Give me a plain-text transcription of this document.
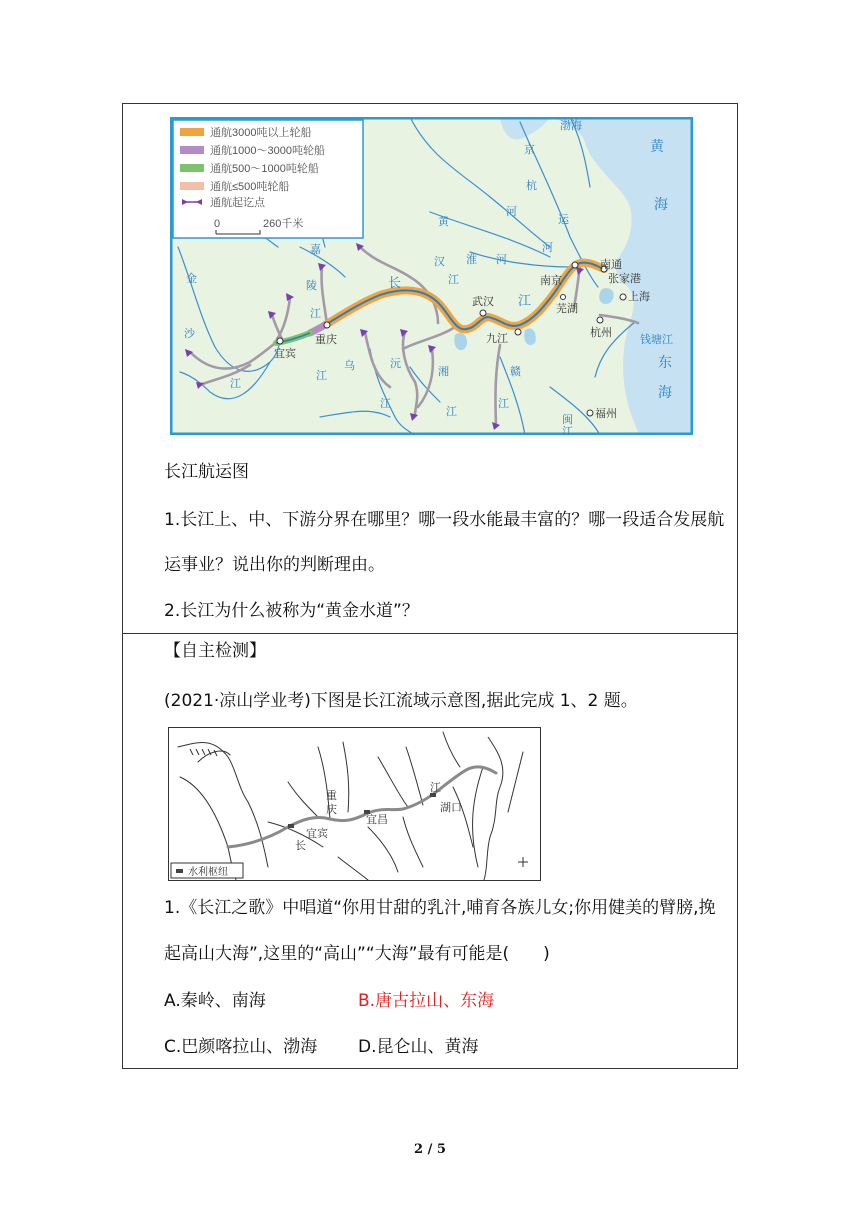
通航3000吨以上轮船
通航1000～3000吨轮船
通航500～1000吨轮船
通航≤500吨轮船
通航起讫点
0	260千米
渤海
黄
海
东
海
南通
南京	张家港
上海
芜湖
武汉
杭州
九江
重庆
宜宾
福州
京
杭
运
河
黄
河
淮 河
汉
江
长
江
嘉
陵
江
金
沙
江
乌
江
沅
江
湘
江
赣
江
钱塘江
闽
江
长江航运图
1.长江上、中、下游分界在哪里？哪一段水能最丰富的？哪一段适合发展航
运事业？说出你的判断理由。
2.长江为什么被称为“黄金水道”？
【自主检测】
(2021·凉山学业考)下图是长江流域示意图,据此完成 1、2 题。
重
庆
宜宾
宜昌
湖口
江
长
水利枢纽
1.《长江之歌》中唱道“你用甘甜的乳汁,哺育各族儿女;你用健美的臂膀,挽
起高山大海”,这里的“高山”“大海”最有可能是(　　)
A.秦岭、南海	B.唐古拉山、东海
C.巴颜喀拉山、渤海 D.昆仑山、黄海
2 / 5
